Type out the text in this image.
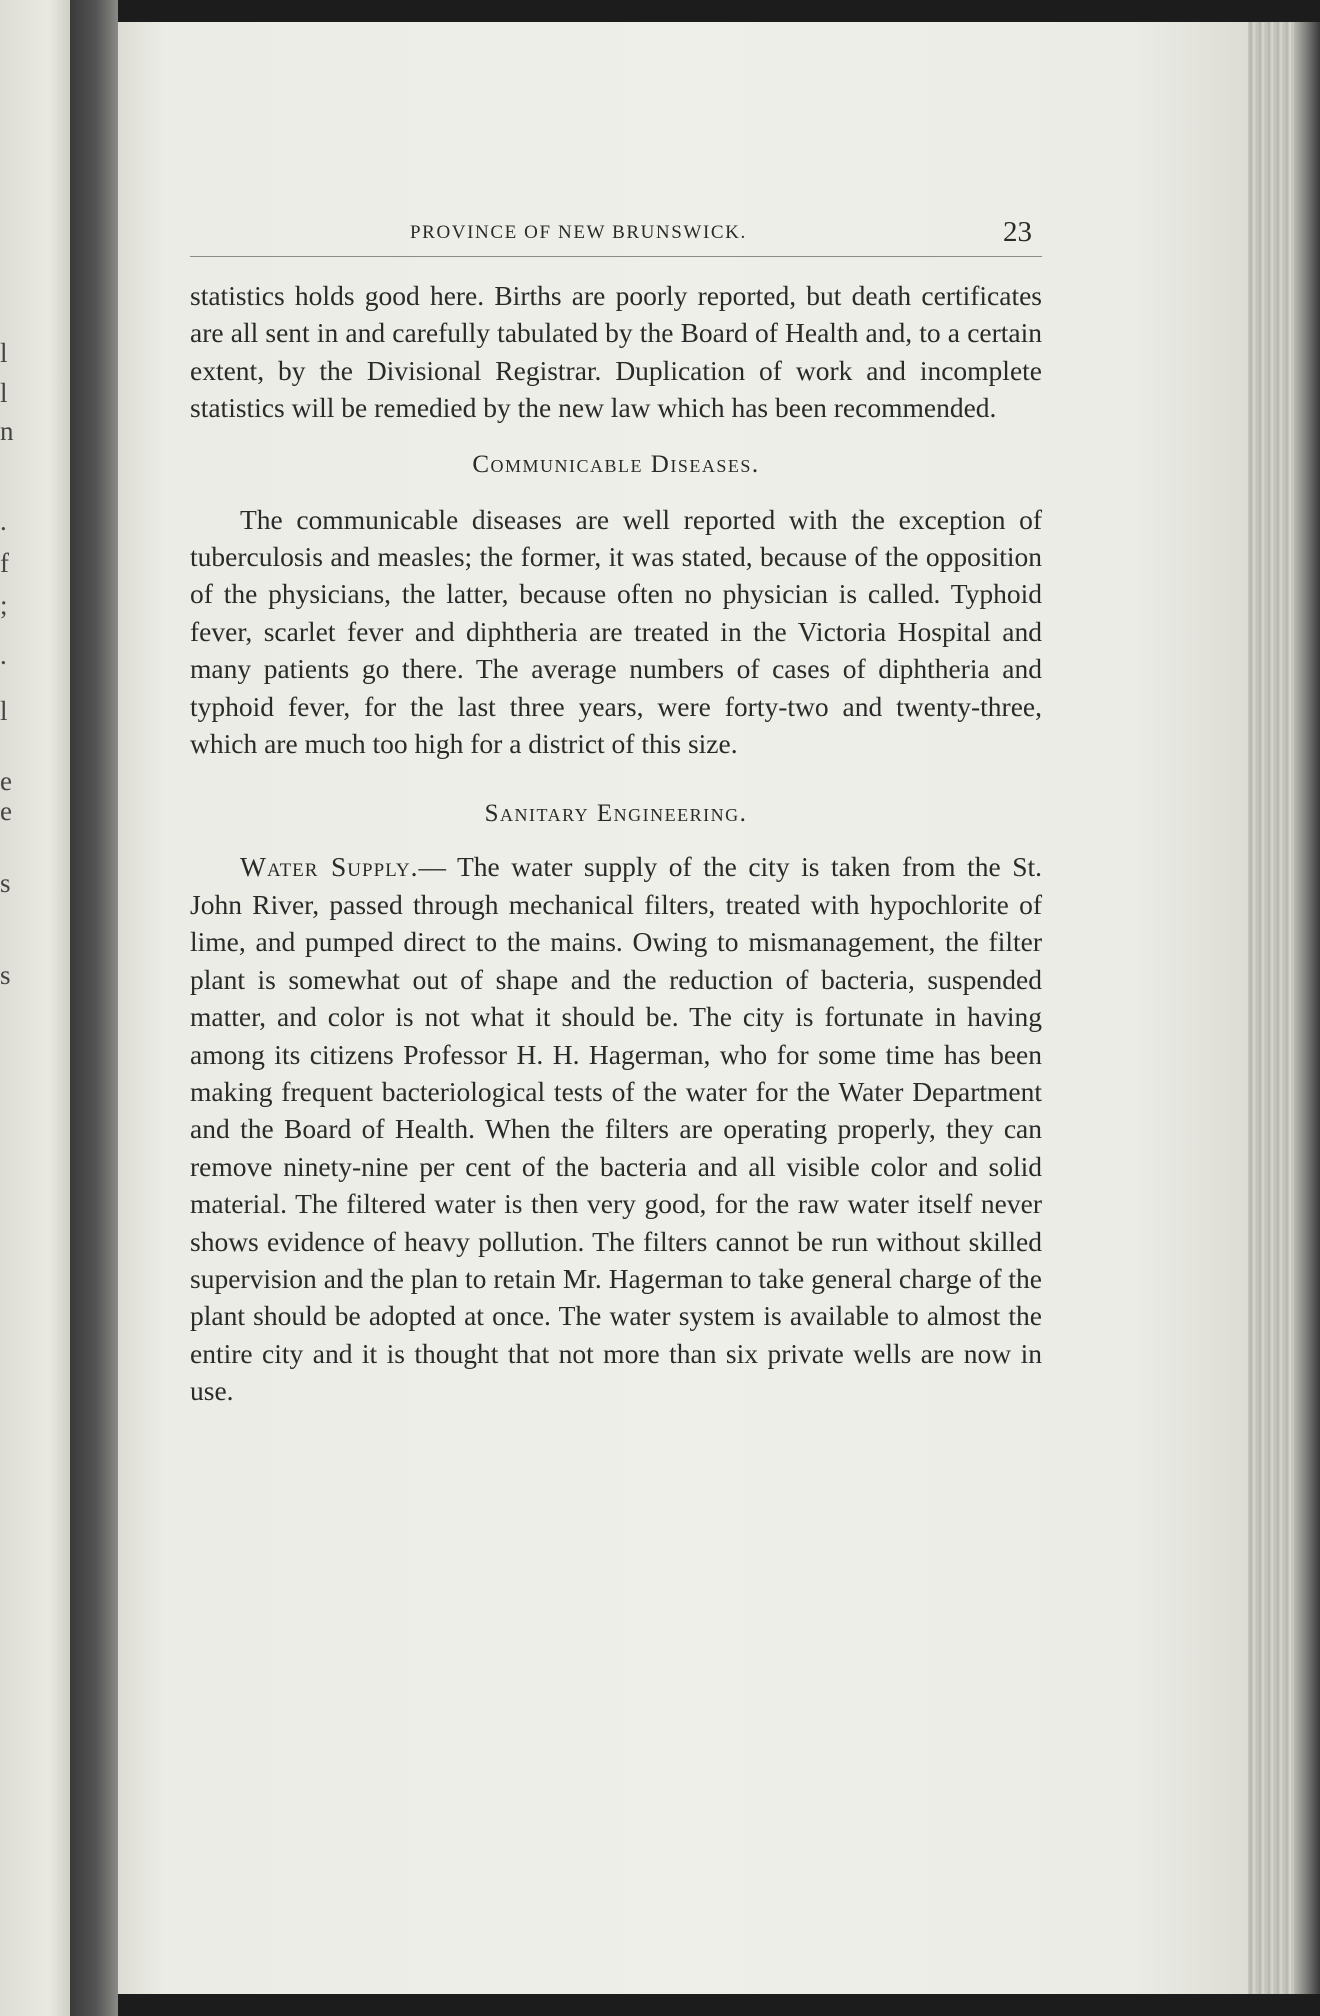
l
l
n
.
f
;
.
l
e
e
s
s
PROVINCE OF NEW BRUNSWICK.	23

statistics holds good here. Births are poorly reported, but death certificates are all sent in and carefully tabulated by the Board of Health and, to a certain extent, by the Divisional Registrar. Duplication of work and incomplete statistics will be remedied by the new law which has been recommended.

Communicable Diseases.

The communicable diseases are well reported with the exception of tuberculosis and measles; the former, it was stated, because of the opposition of the physicians, the latter, because often no physician is called. Typhoid fever, scarlet fever and diphtheria are treated in the Victoria Hospital and many patients go there. The average numbers of cases of diphtheria and typhoid fever, for the last three years, were forty-two and twenty-three, which are much too high for a district of this size.

Sanitary Engineering.

Water Supply.— The water supply of the city is taken from the St. John River, passed through mechanical filters, treated with hypochlorite of lime, and pumped direct to the mains. Owing to mismanagement, the filter plant is somewhat out of shape and the reduction of bacteria, suspended matter, and color is not what it should be. The city is fortunate in having among its citizens Professor H. H. Hagerman, who for some time has been making frequent bacteriological tests of the water for the Water Department and the Board of Health. When the filters are operating properly, they can remove ninety-nine per cent of the bacteria and all visible color and solid material. The filtered water is then very good, for the raw water itself never shows evidence of heavy pollution. The filters cannot be run without skilled supervision and the plan to retain Mr. Hagerman to take general charge of the plant should be adopted at once. The water system is available to almost the entire city and it is thought that not more than six private wells are now in use.
